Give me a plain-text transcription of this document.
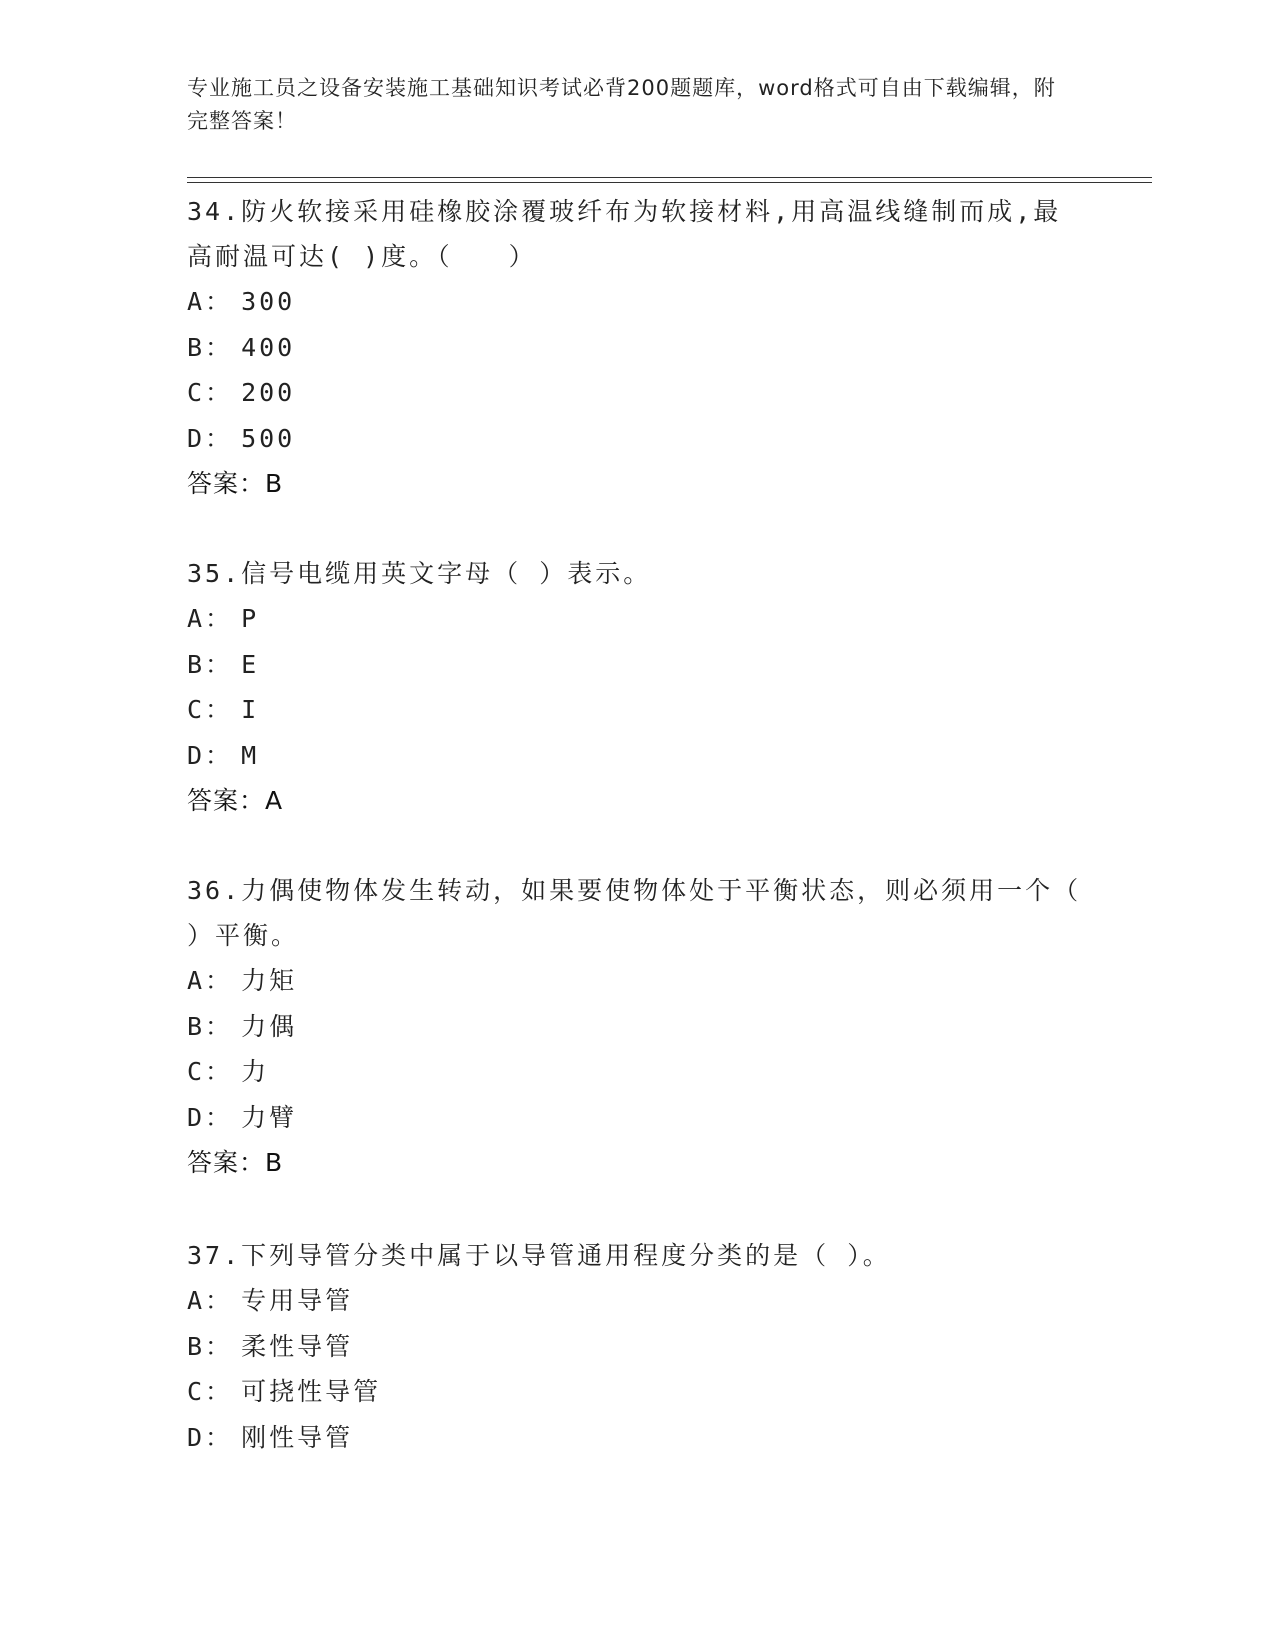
专业施工员之设备安装施工基础知识考试必背200题题库，word格式可自由下载编辑，附完整答案！

34.防火软接采用硅橡胶涂覆玻纤布为软接材料,用高温线缝制而成,最高耐温可达( )度。（　　）

A： 300
B： 400
C： 200
D： 500
答案：B

35.信号电缆用英文字母（ ）表示。

A： P
B： E
C： I
D： M
答案：A

36.力偶使物体发生转动，如果要使物体处于平衡状态，则必须用一个（ ）平衡。

A： 力矩
B： 力偶
C： 力
D： 力臂
答案：B

37.下列导管分类中属于以导管通用程度分类的是（ ）。

A： 专用导管
B： 柔性导管
C： 可挠性导管
D： 刚性导管
